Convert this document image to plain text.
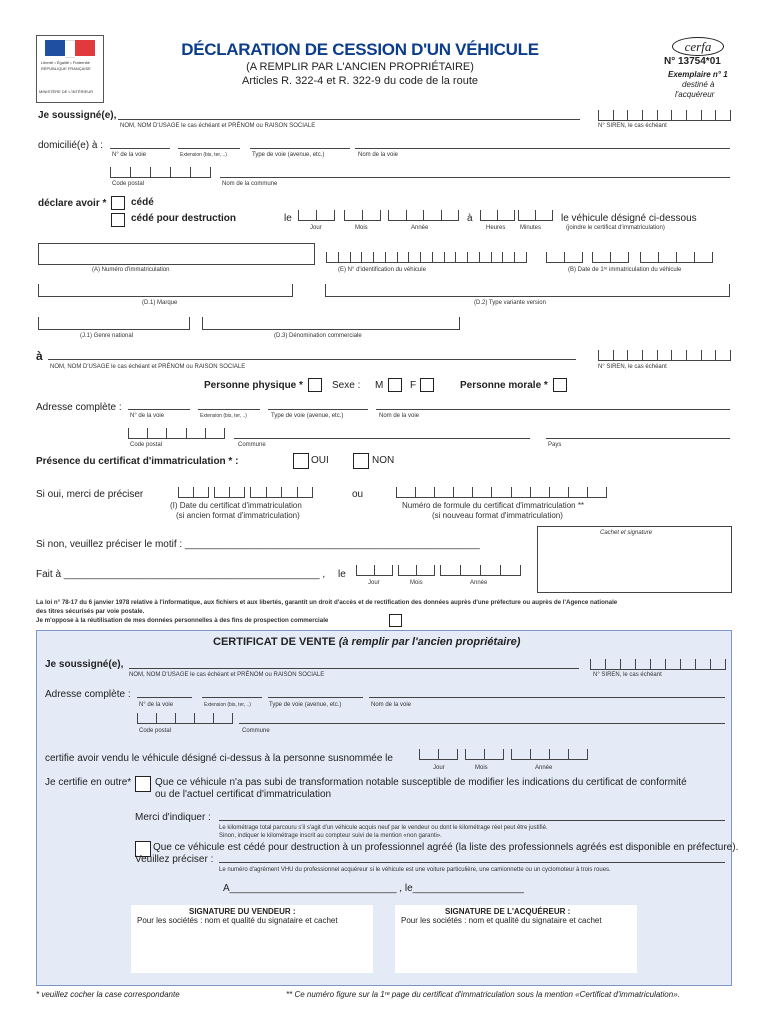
Liberté • Égalité • Fraternité
RÉPUBLIQUE FRANÇAISE
MINISTÈRE DE L'INTÉRIEUR
DÉCLARATION DE CESSION D'UN VÉHICULE
(A REMPLIR PAR L'ANCIEN PROPRIÉTAIRE)
Articles R. 322-4 et R. 322-9 du code de la route
cerfa
N° 13754*01
Exemplaire n° 1
destiné à
l'acquéreur
Je soussigné(e),
NOM, NOM D'USAGE le cas échéant et PRÉNOM ou RAISON SOCIALE	N° SIREN, le cas échéant
domicilié(e) à :
N° de la voie	Extension (bis, ter, ..)	Type de voie (avenue, etc.)	Nom de la voie
Code postal	Nom de la commune
déclare avoir * cédé
cédé pour destruction	le
Jour	Mois	Année
à
Heures Minutes
le véhicule désigné ci-dessous
(joindre le certificat d'immatriculation)
(A) Numéro d'immatriculation	(E) N° d'identification du véhicule	(B) Date de 1ʳᵉ immatriculation du véhicule
(D.1) Marque	(D.2) Type variante version
(J.1) Genre national	(D.3) Dénomination commerciale
à
NOM, NOM D'USAGE le cas échéant et PRÉNOM ou RAISON SOCIALE	N° SIREN, le cas échéant
Personne physique *	Sexe : M	F	Personne morale *
Adresse complète :
N° de la voie	Extension (bis, ter, ..)	Type de voie (avenue, etc.)	Nom de la voie
Code postal	Commune	Pays
Présence du certificat d'immatriculation * :	OUI	NON
Si oui, merci de préciser
(I) Date du certificat d'immatriculation
(si ancien format d'immatriculation)
ou
Numéro de formule du certificat d'immatriculation **
(si nouveau format d'immatriculation)
Si non, veuillez préciser le motif : _____________________________________________________
Cachet et signature
Fait à ______________________________________________ , le
Jour	Mois	Année
La loi n° 78-17 du 6 janvier 1978 relative à l'informatique, aux fichiers et aux libertés, garantit un droit d'accès et de rectification des données auprès d'une préfecture ou auprès de l'Agence nationale
des titres sécurisés par voie postale.
Je m'oppose à la réutilisation de mes données personnelles à des fins de prospection commerciale
CERTIFICAT DE VENTE (à remplir par l'ancien propriétaire)
Je soussigné(e),
NOM, NOM D'USAGE le cas échéant et PRÉNOM ou RAISON SOCIALE	N° SIREN, le cas échéant
Adresse complète :
N° de la voie	Extension (bis, ter, ..)	Type de voie (avenue, etc.)	Nom de la voie
Code postal	Commune
certifie avoir vendu le véhicule désigné ci-dessus à la personne susnommée le
Jour	Mois	Année
Je certifie en outre* Que ce véhicule n'a pas subi de transformation notable susceptible de modifier les indications du certificat de conformité
ou de l'actuel certificat d'immatriculation
Merci d'indiquer :
Le kilométrage total parcouru s'il s'agit d'un véhicule acquis neuf par le vendeur ou dont le kilométrage réel peut être justifié.
Sinon, indiquer le kilométrage inscrit au compteur suivi de la mention «non garanti».
Que ce véhicule est cédé pour destruction à un professionnel agréé (la liste des professionnels agréés est disponible en préfecture).
Veuillez préciser :
Le numéro d'agrément VHU du professionnel acquéreur si le véhicule est une voiture particulière, une camionnette ou un cyclomoteur à trois roues.
A______________________________ , le____________________
SIGNATURE DU VENDEUR :
Pour les sociétés : nom et qualité du signataire et cachet
SIGNATURE DE L'ACQUÉREUR :
Pour les sociétés : nom et qualité du signataire et cachet
* veuillez cocher la case correspondante	** Ce numéro figure sur la 1ʳᵉ page du certificat d'immatriculation sous la mention «Certificat d'immatriculation».
